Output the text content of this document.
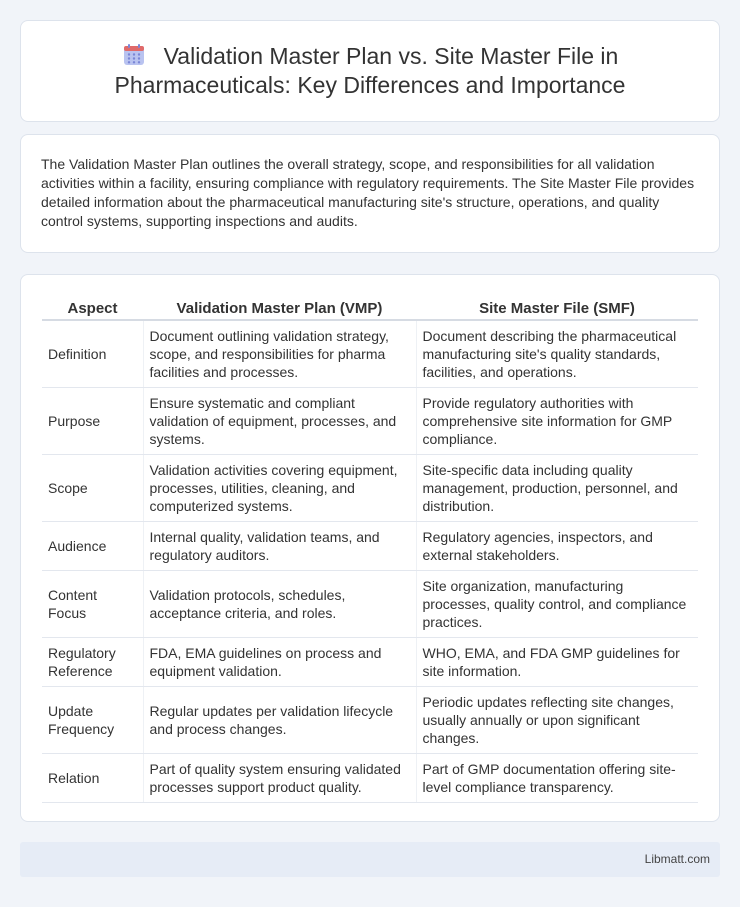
Validation Master Plan vs. Site Master File in Pharmaceuticals: Key Differences and Importance

The Validation Master Plan outlines the overall strategy, scope, and responsibilities for all validation activities within a facility, ensuring compliance with regulatory requirements. The Site Master File provides detailed information about the pharmaceutical manufacturing site's structure, operations, and quality control systems, supporting inspections and audits.

Aspect	Validation Master Plan (VMP)	Site Master File (SMF)
Definition	Document outlining validation strategy, scope, and responsibilities for pharma facilities and processes.	Document describing the pharmaceutical manufacturing site's quality standards, facilities, and operations.
Purpose	Ensure systematic and compliant validation of equipment, processes, and systems.	Provide regulatory authorities with comprehensive site information for GMP compliance.
Scope	Validation activities covering equipment, processes, utilities, cleaning, and computerized systems.	Site-specific data including quality management, production, personnel, and distribution.
Audience	Internal quality, validation teams, and regulatory auditors.	Regulatory agencies, inspectors, and external stakeholders.
Content Focus	Validation protocols, schedules, acceptance criteria, and roles.	Site organization, manufacturing processes, quality control, and compliance practices.
Regulatory Reference	FDA, EMA guidelines on process and equipment validation.	WHO, EMA, and FDA GMP guidelines for site information.
Update Frequency	Regular updates per validation lifecycle and process changes.	Periodic updates reflecting site changes, usually annually or upon significant changes.
Relation	Part of quality system ensuring validated processes support product quality.	Part of GMP documentation offering site-level compliance transparency.
Libmatt.com
